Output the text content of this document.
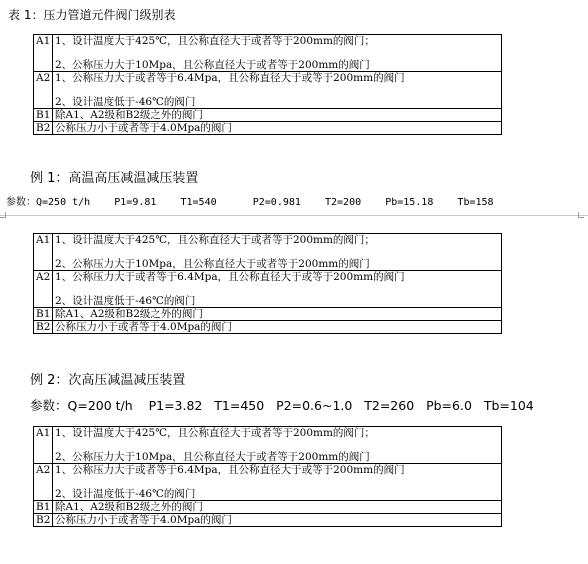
表 1：压力管道元件阀门级别表
A1	1、设计温度大于425℃，且公称直径大于或者等于200mm的阀门；
2、公称压力大于10Mpa，且公称直径大于或者等于200mm的阀门

A2	1、公称压力大于或者等于6.4Mpa，且公称直径大于或等于200mm的阀门
2、设计温度低于-46℃的阀门

B1	除A1、A2级和B2级之外的阀门
B2	公称压力小于或者等于4.0Mpa的阀门
例 1：高温高压减温减压装置
参数：Q=250 t/h    P1=9.81    T1=540      P2=0.981    T2=200    Pb=15.18    Tb=158
A1	1、设计温度大于425℃，且公称直径大于或者等于200mm的阀门；
2、公称压力大于10Mpa，且公称直径大于或者等于200mm的阀门

A2	1、公称压力大于或者等于6.4Mpa，且公称直径大于或等于200mm的阀门
2、设计温度低于-46℃的阀门

B1	除A1、A2级和B2级之外的阀门
B2	公称压力小于或者等于4.0Mpa的阀门
例 2：次高压减温减压装置
参数：Q=200 t/h    P1=3.82   T1=450   P2=0.6~1.0   T2=260   Pb=6.0   Tb=104
A1	1、设计温度大于425℃，且公称直径大于或者等于200mm的阀门；
2、公称压力大于10Mpa，且公称直径大于或者等于200mm的阀门

A2	1、公称压力大于或者等于6.4Mpa，且公称直径大于或等于200mm的阀门
2、设计温度低于-46℃的阀门

B1	除A1、A2级和B2级之外的阀门
B2	公称压力小于或者等于4.0Mpa的阀门
